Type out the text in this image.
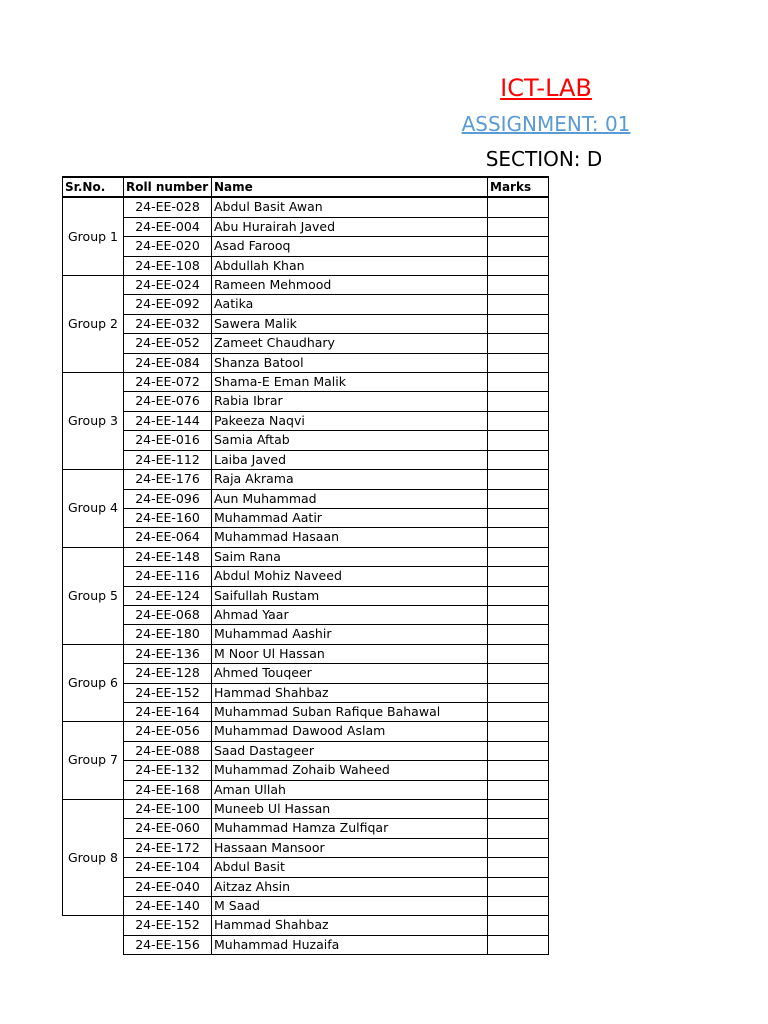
ICT-LAB
ASSIGNMENT: 01
SECTION: D
Sr.No.	Roll number	Name	Marks
Group 1	24-EE-028	Abdul Basit Awan	
	24-EE-004	Abu Hurairah Javed	
	24-EE-020	Asad Farooq	
	24-EE-108	Abdullah Khan	
Group 2	24-EE-024	Rameen Mehmood	
	24-EE-092	Aatika	
	24-EE-032	Sawera Malik	
	24-EE-052	Zameet Chaudhary	
	24-EE-084	Shanza Batool	
Group 3	24-EE-072	Shama-E Eman Malik	
	24-EE-076	Rabia Ibrar	
	24-EE-144	Pakeeza Naqvi	
	24-EE-016	Samia Aftab	
	24-EE-112	Laiba Javed	
Group 4	24-EE-176	Raja Akrama	
	24-EE-096	Aun Muhammad	
	24-EE-160	Muhammad Aatir	
	24-EE-064	Muhammad Hasaan	
Group 5	24-EE-148	Saim Rana	
	24-EE-116	Abdul Mohiz Naveed	
	24-EE-124	Saifullah Rustam	
	24-EE-068	Ahmad Yaar	
	24-EE-180	Muhammad Aashir	
Group 6	24-EE-136	M Noor Ul Hassan	
	24-EE-128	Ahmed Touqeer	
	24-EE-152	Hammad Shahbaz	
	24-EE-164	Muhammad Suban Rafique Bahawal	
Group 7	24-EE-056	Muhammad Dawood Aslam	
	24-EE-088	Saad Dastageer	
	24-EE-132	Muhammad Zohaib Waheed	
	24-EE-168	Aman Ullah	
Group 8	24-EE-100	Muneeb Ul Hassan	
	24-EE-060	Muhammad Hamza Zulfiqar	
	24-EE-172	Hassaan Mansoor	
	24-EE-104	Abdul Basit	
	24-EE-040	Aitzaz Ahsin	
	24-EE-140	M Saad	
	24-EE-152	Hammad Shahbaz	
	24-EE-156	Muhammad Huzaifa	
